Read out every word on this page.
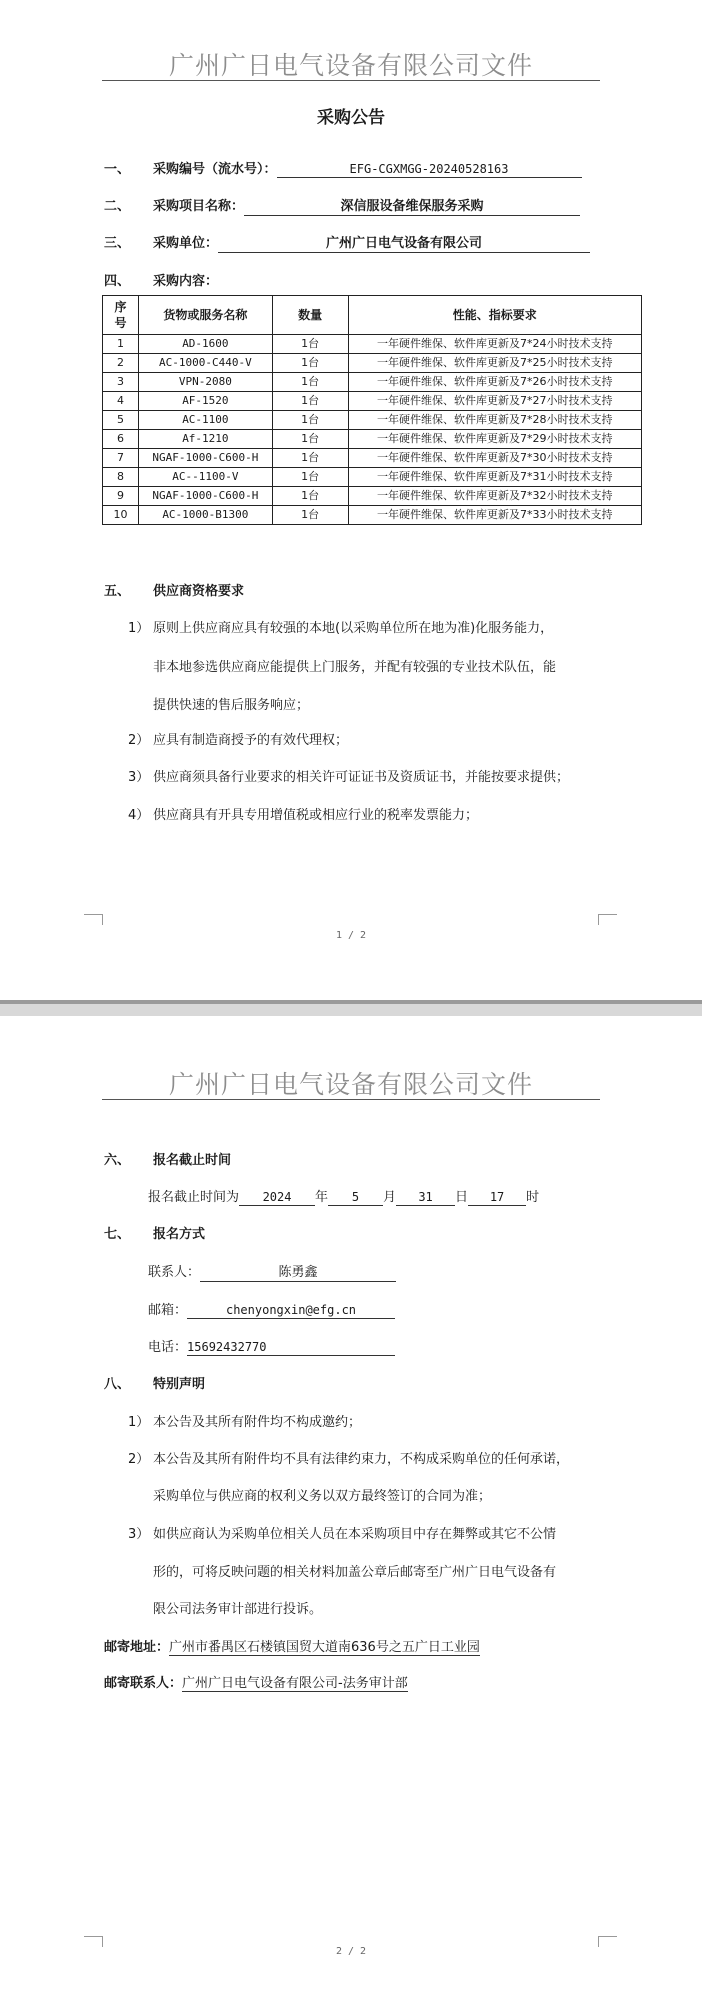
广州广日电气设备有限公司文件
采购公告
一、 采购编号（流水号）：	EFG-CGXMGG-20240528163
二、 采购项目名称：	深信服设备维保服务采购
三、 采购单位：	广州广日电气设备有限公司
四、 采购内容：
序号	货物或服务名称	数量	性能、指标要求
1	AD-1600	1台	一年硬件维保、软件库更新及7*24小时技术支持
2	AC-1000-C440-V	1台	一年硬件维保、软件库更新及7*25小时技术支持
3	VPN-2080	1台	一年硬件维保、软件库更新及7*26小时技术支持
4	AF-1520	1台	一年硬件维保、软件库更新及7*27小时技术支持
5	AC-1100	1台	一年硬件维保、软件库更新及7*28小时技术支持
6	Af-1210	1台	一年硬件维保、软件库更新及7*29小时技术支持
7	NGAF-1000-C600-H	1台	一年硬件维保、软件库更新及7*30小时技术支持
8	AC--1100-V	1台	一年硬件维保、软件库更新及7*31小时技术支持
9	NGAF-1000-C600-H	1台	一年硬件维保、软件库更新及7*32小时技术支持
10	AC-1000-B1300	1台	一年硬件维保、软件库更新及7*33小时技术支持
五、 供应商资格要求
1） 原则上供应商应具有较强的本地(以采购单位所在地为准)化服务能力，
非本地参选供应商应能提供上门服务，并配有较强的专业技术队伍，能
提供快速的售后服务响应；
2） 应具有制造商授予的有效代理权；
3） 供应商须具备行业要求的相关许可证证书及资质证书，并能按要求提供；
4） 供应商具有开具专用增值税或相应行业的税率发票能力；
1 / 2
广州广日电气设备有限公司文件
六、 报名截止时间
报名截止时间为 2024 年 5 月 31 日 17 时
七、 报名方式
联系人：	陈勇鑫
邮箱：	chenyongxin@efg.cn
电话：15692432770
八、 特别声明
1） 本公告及其所有附件均不构成邀约；
2） 本公告及其所有附件均不具有法律约束力，不构成采购单位的任何承诺，
采购单位与供应商的权利义务以双方最终签订的合同为准；
3） 如供应商认为采购单位相关人员在本采购项目中存在舞弊或其它不公情
形的，可将反映问题的相关材料加盖公章后邮寄至广州广日电气设备有
限公司法务审计部进行投诉。
邮寄地址：广州市番禺区石楼镇国贸大道南636号之五广日工业园
邮寄联系人：广州广日电气设备有限公司-法务审计部
2 / 2
